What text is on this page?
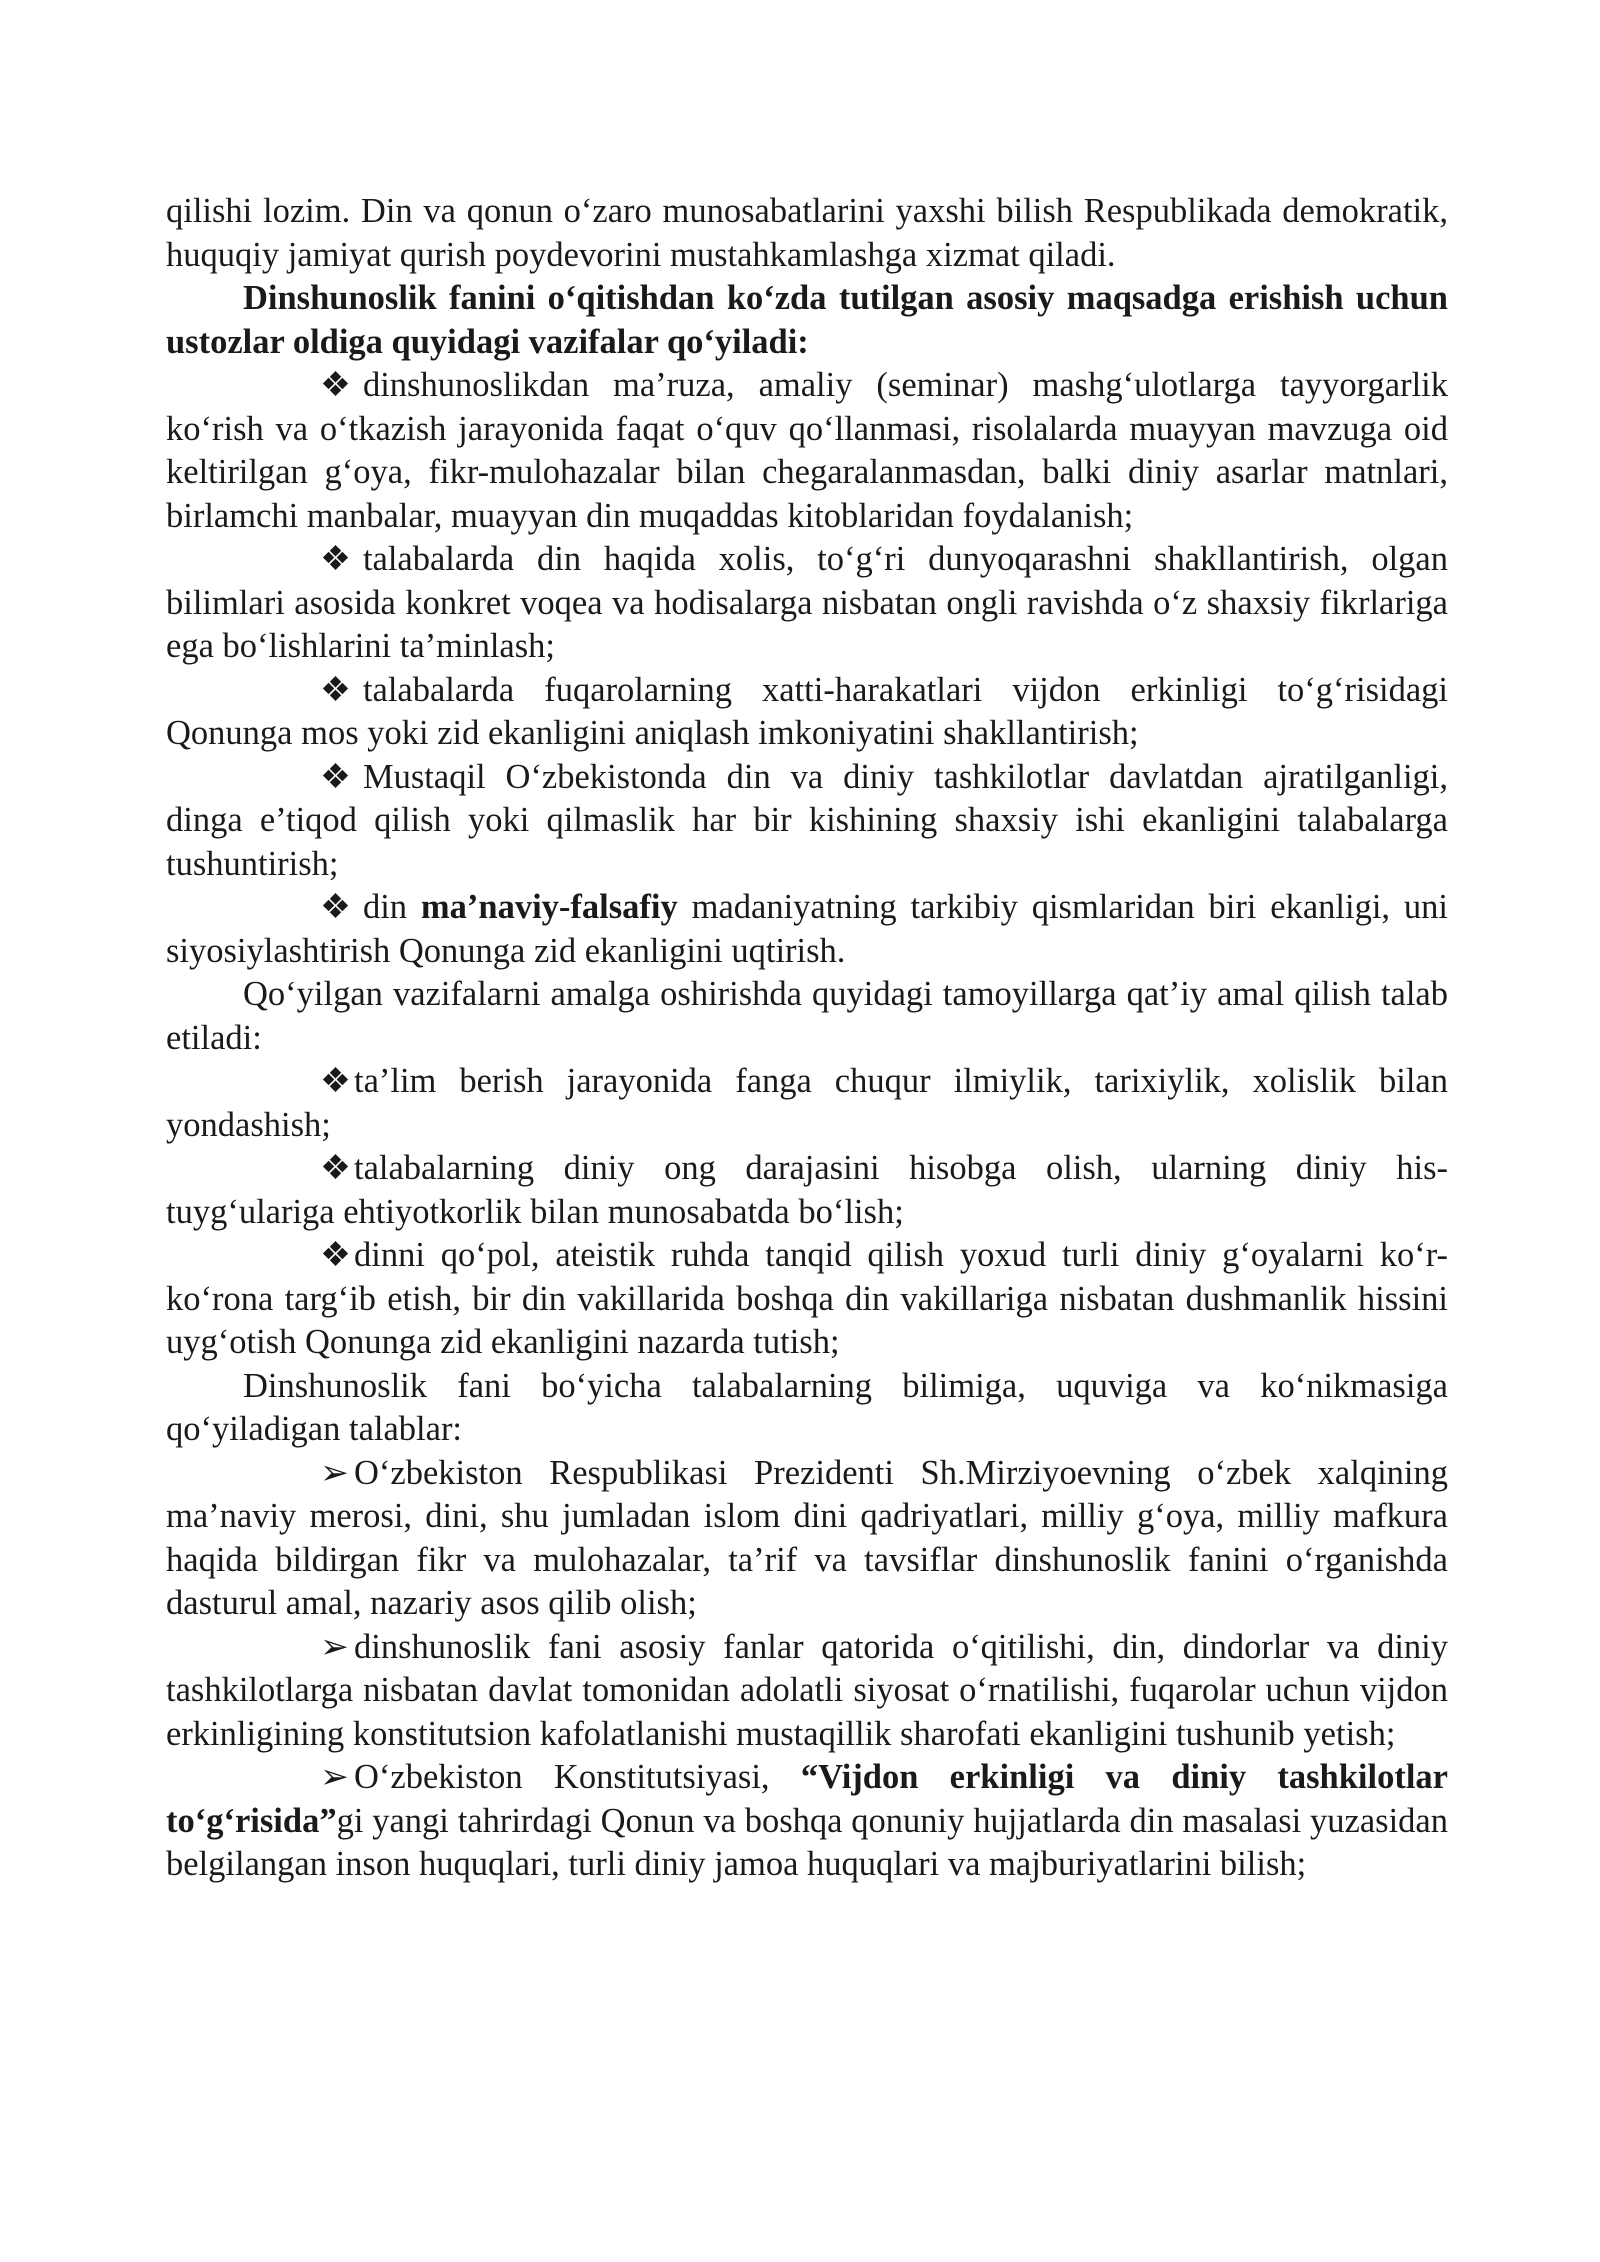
qilishi lozim. Din va qonun o‘zaro munosabatlarini yaxshi bilish Respublikada demokratik, huquqiy jamiyat qurish poydevorini mustahkamlashga xizmat qiladi.

Dinshunoslik fanini o‘qitishdan ko‘zda tutilgan asosiy maqsadga erishish uchun ustozlar oldiga quyidagi vazifalar qo‘yiladi:

❖ dinshunoslikdan ma’ruza, amaliy (seminar) mashg‘ulotlarga tayyorgarlik ko‘rish va o‘tkazish jarayonida faqat o‘quv qo‘llanmasi, risolalarda muayyan mavzuga oid keltirilgan g‘oya, fikr-mulohazalar bilan chegaralanmasdan, balki diniy asarlar matnlari, birlamchi manbalar, muayyan din muqaddas kitoblaridan foydalanish;

❖ talabalarda din haqida xolis, to‘g‘ri dunyoqarashni shakllantirish, olgan bilimlari asosida konkret voqea va hodisalarga nisbatan ongli ravishda o‘z shaxsiy fikrlariga ega bo‘lishlarini ta’minlash;

❖ talabalarda fuqarolarning xatti-harakatlari vijdon erkinligi to‘g‘risidagi Qonunga mos yoki zid ekanligini aniqlash imkoniyatini shakllantirish;

❖ Mustaqil O‘zbekistonda din va diniy tashkilotlar davlatdan ajratilganligi, dinga e’tiqod qilish yoki qilmaslik har bir kishining shaxsiy ishi ekanligini talabalarga tushuntirish;

❖ din ma’naviy-falsafiy madaniyatning tarkibiy qismlaridan biri ekanligi, uni siyosiylashtirish Qonunga zid ekanligini uqtirish.

Qo‘yilgan vazifalarni amalga oshirishda quyidagi tamoyillarga qat’iy amal qilish talab etiladi:

❖ta’lim berish jarayonida fanga chuqur ilmiylik, tarixiylik, xolislik bilan yondashish;

❖talabalarning diniy ong darajasini hisobga olish, ularning diniy his-tuyg‘ulariga ehtiyotkorlik bilan munosabatda bo‘lish;

❖dinni qo‘pol, ateistik ruhda tanqid qilish yoxud turli diniy g‘oyalarni ko‘r-ko‘rona targ‘ib etish, bir din vakillarida boshqa din vakillariga nisbatan dushmanlik hissini uyg‘otish Qonunga zid ekanligini nazarda tutish;

Dinshunoslik fani bo‘yicha talabalarning bilimiga, uquviga va ko‘nikmasiga qo‘yiladigan talablar:

➢ O‘zbekiston Respublikasi Prezidenti Sh.Mirziyoevning o‘zbek xalqining ma’naviy merosi, dini, shu jumladan islom dini qadriyatlari, milliy g‘oya, milliy mafkura haqida bildirgan fikr va mulohazalar, ta’rif va tavsiflar dinshunoslik fanini o‘rganishda dasturul amal, nazariy asos qilib olish;

➢ dinshunoslik fani asosiy fanlar qatorida o‘qitilishi, din, dindorlar va diniy tashkilotlarga nisbatan davlat tomonidan adolatli siyosat o‘rnatilishi, fuqarolar uchun vijdon erkinligining konstitutsion kafolatlanishi mustaqillik sharofati ekanligini tushunib yetish;

➢ O‘zbekiston Konstitutsiyasi, “Vijdon erkinligi va diniy tashkilotlar to‘g‘risida”gi yangi tahrirdagi Qonun va boshqa qonuniy hujjatlarda din masalasi yuzasidan belgilangan inson huquqlari, turli diniy jamoa huquqlari va majburiyatlarini bilish;
